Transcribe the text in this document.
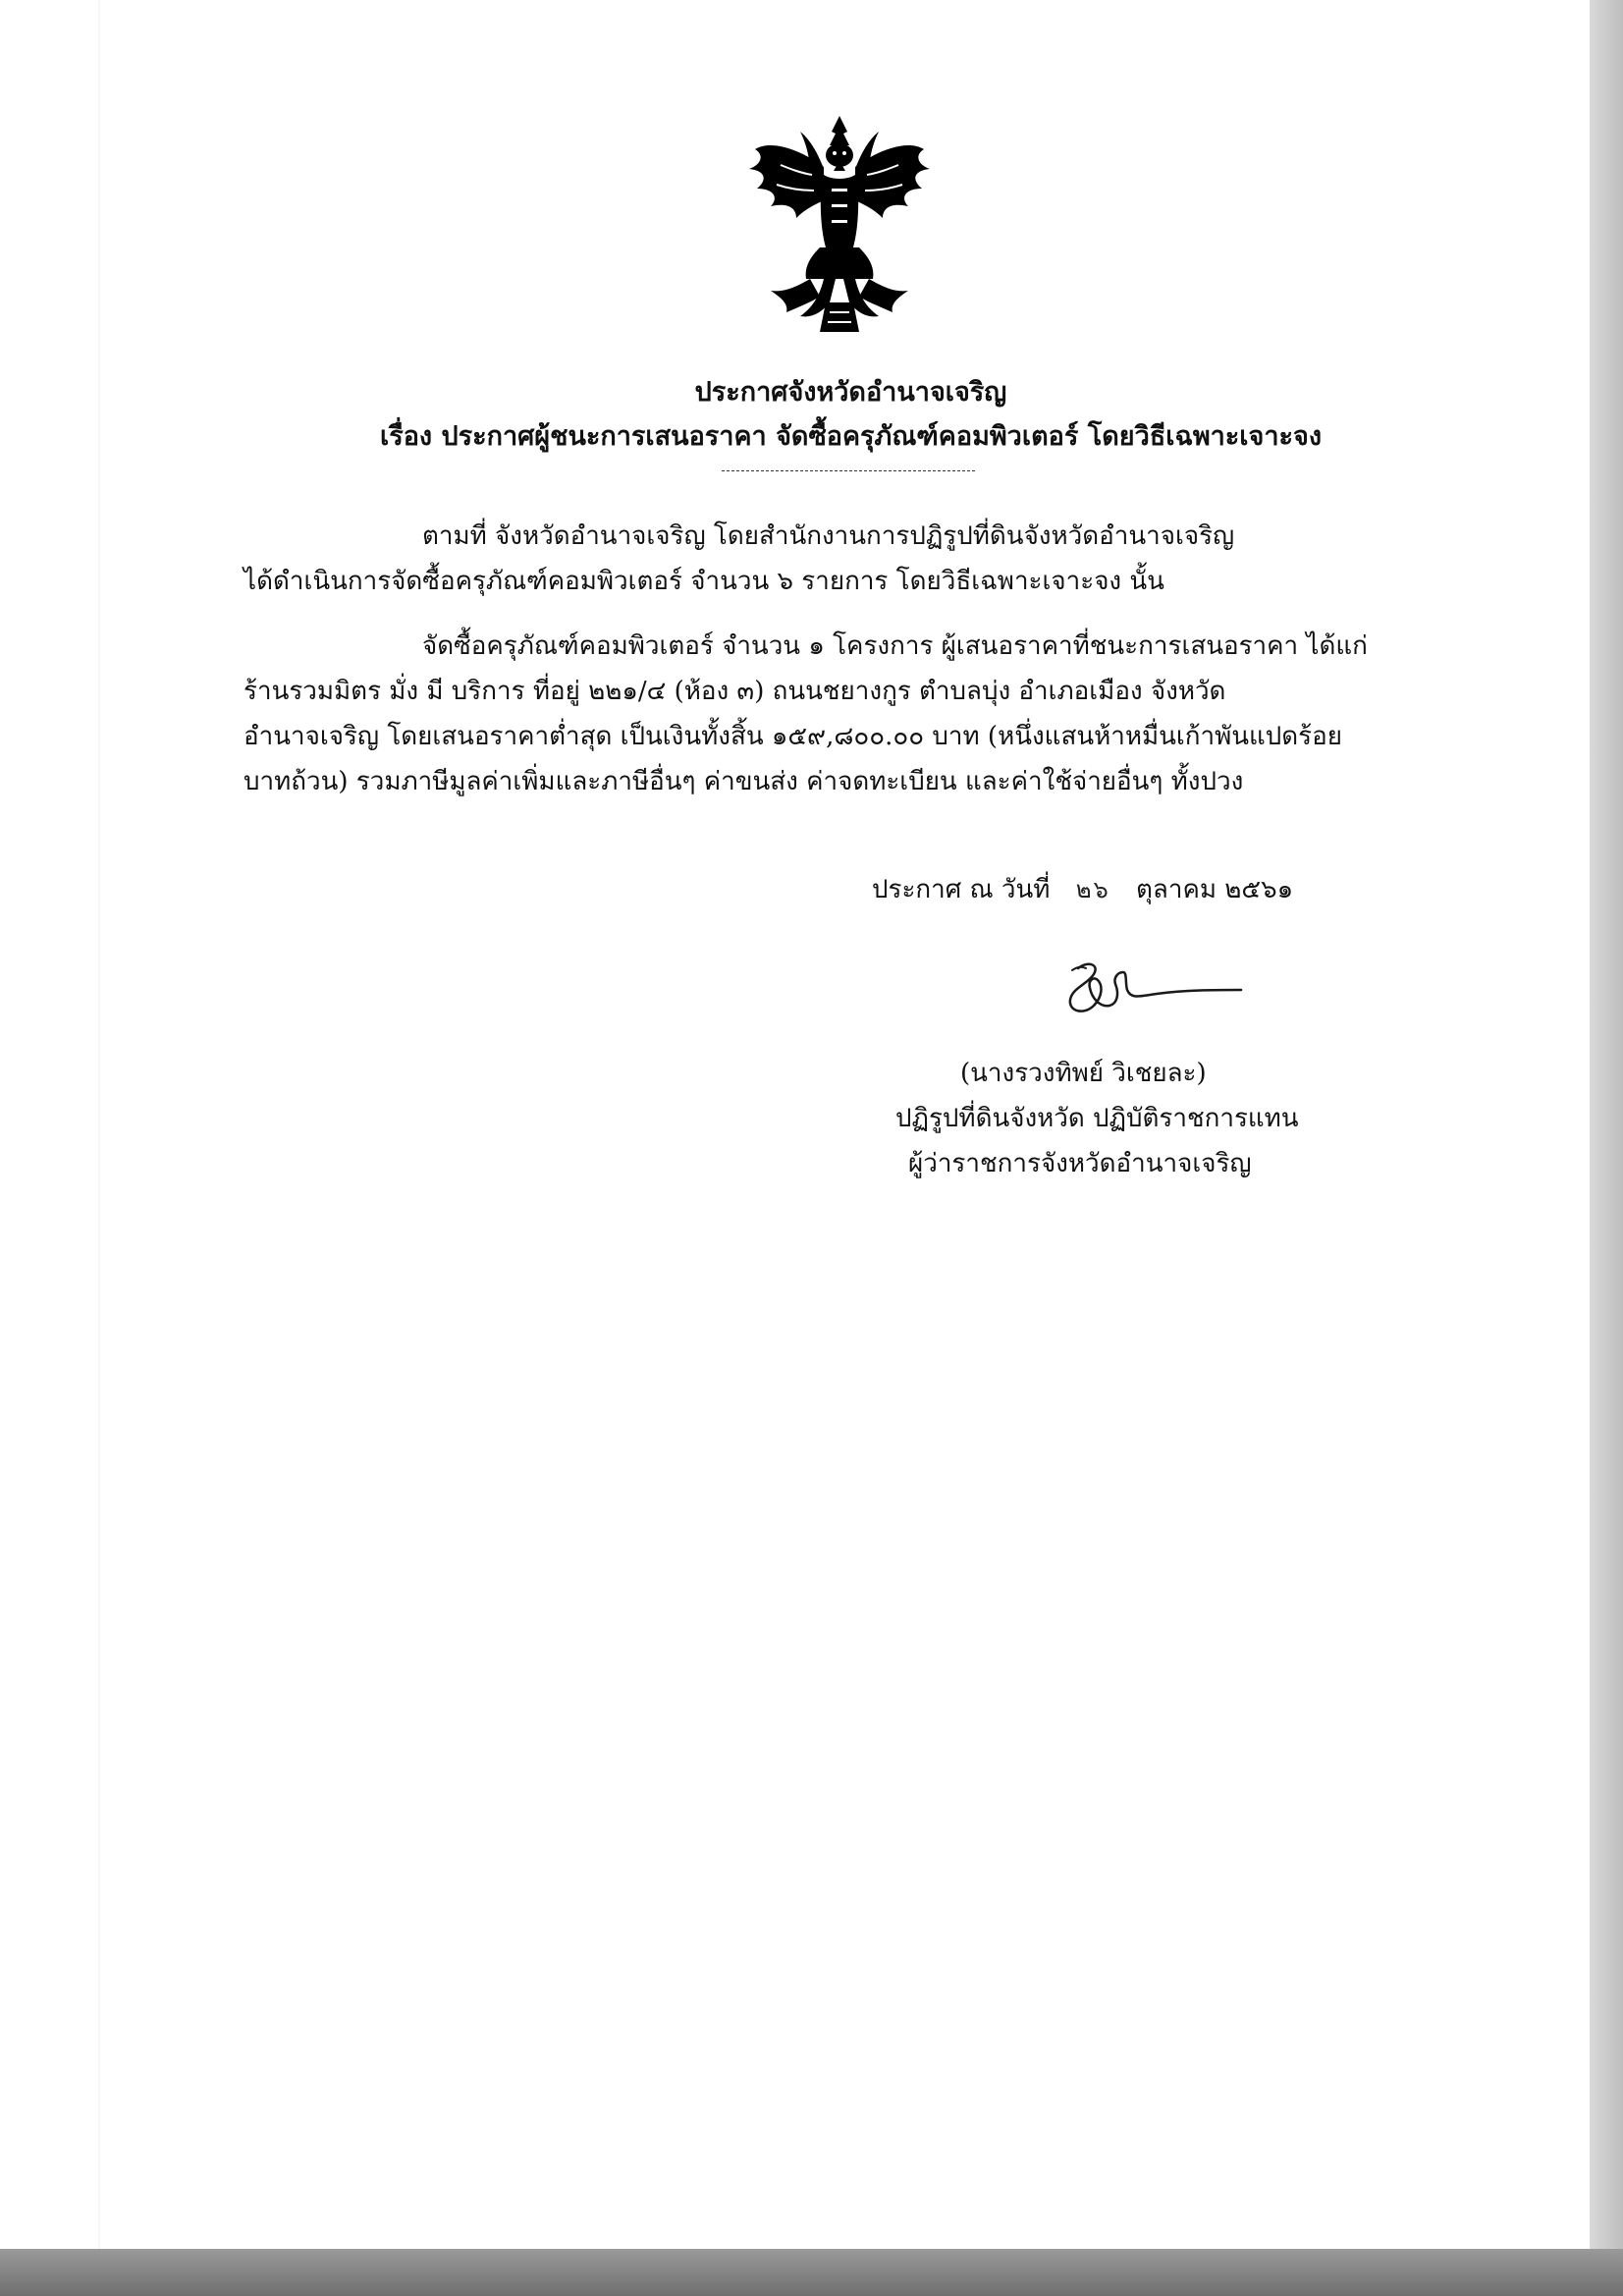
ประกาศจังหวัดอำนาจเจริญ
เรื่อง ประกาศผู้ชนะการเสนอราคา จัดซื้อครุภัณฑ์คอมพิวเตอร์ โดยวิธีเฉพาะเจาะจง
ตามที่ จังหวัดอำนาจเจริญ โดยสำนักงานการปฏิรูปที่ดินจังหวัดอำนาจเจริญ
ได้ดำเนินการจัดซื้อครุภัณฑ์คอมพิวเตอร์ จำนวน ๖ รายการ โดยวิธีเฉพาะเจาะจง นั้น
จัดซื้อครุภัณฑ์คอมพิวเตอร์ จำนวน ๑ โครงการ ผู้เสนอราคาที่ชนะการเสนอราคา ได้แก่
ร้านรวมมิตร มั่ง มี บริการ ที่อยู่ ๒๒๑/๔ (ห้อง ๓) ถนนชยางกูร ตำบลบุ่ง อำเภอเมือง จังหวัด
อำนาจเจริญ โดยเสนอราคาต่ำสุด เป็นเงินทั้งสิ้น ๑๕๙,๘๐๐.๐๐ บาท (หนึ่งแสนห้าหมื่นเก้าพันแปดร้อย
บาทถ้วน) รวมภาษีมูลค่าเพิ่มและภาษีอื่นๆ ค่าขนส่ง ค่าจดทะเบียน และค่าใช้จ่ายอื่นๆ ทั้งปวง
ประกาศ ณ วันที่ ๒๖ ตุลาคม ๒๕๖๑
(นางรวงทิพย์ วิเชยละ)
ปฏิรูปที่ดินจังหวัด ปฏิบัติราชการแทน
ผู้ว่าราชการจังหวัดอำนาจเจริญ
